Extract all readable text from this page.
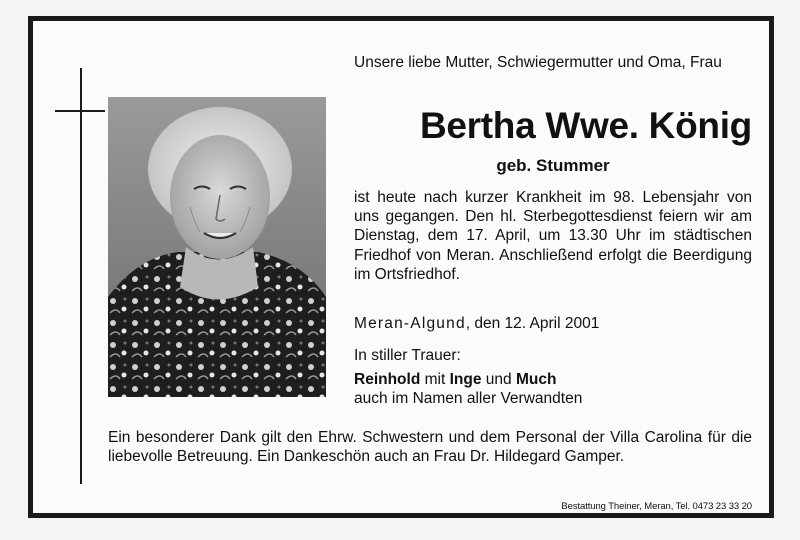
Unsere liebe Mutter, Schwiegermutter und Oma, Frau
Bertha Wwe. König
geb. Stummer
ist heute nach kurzer Krankheit im 98. Lebensjahr von uns gegangen. Den hl. Sterbegottesdienst feiern wir am Dienstag, dem 17. April, um 13.30 Uhr im städtischen Friedhof von Meran. Anschließend erfolgt die Beerdigung im Ortsfriedhof.
Meran-Algund, den 12. April 2001
In stiller Trauer:
Reinhold mit Inge und Much
auch im Namen aller Verwandten
Ein besonderer Dank gilt den Ehrw. Schwestern und dem Personal der Villa Carolina für die liebevolle Betreuung. Ein Dankeschön auch an Frau Dr. Hildegard Gamper.
Bestattung Theiner, Meran, Tel. 0473 23 33 20
